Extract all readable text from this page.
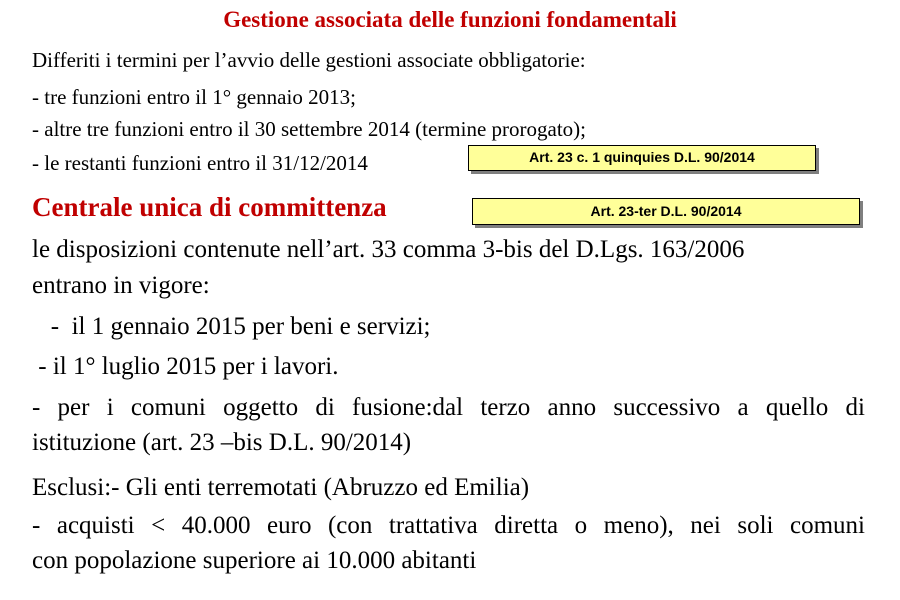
Gestione associata delle funzioni fondamentali
Differiti i termini per l’avvio delle gestioni associate obbligatorie:
- tre funzioni entro il 1° gennaio 2013;
- altre tre funzioni entro il 30 settembre 2014 (termine prorogato);
- le restanti funzioni entro il 31/12/2014	Art. 23 c. 1 quinquies D.L. 90/2014
Centrale unica di committenza	Art. 23-ter D.L. 90/2014
le disposizioni contenute nell’art. 33 comma 3-bis del D.Lgs. 163/2006
entrano in vigore:
-  il 1 gennaio 2015 per beni e servizi;
- il 1° luglio 2015 per i lavori.
- per i comuni oggetto di fusione:dal terzo anno successivo a quello di
istituzione (art. 23 –bis D.L. 90/2014)
Esclusi:- Gli enti terremotati (Abruzzo ed Emilia)
- acquisti < 40.000 euro (con trattativa diretta o meno), nei soli comuni
con popolazione superiore ai 10.000 abitanti
